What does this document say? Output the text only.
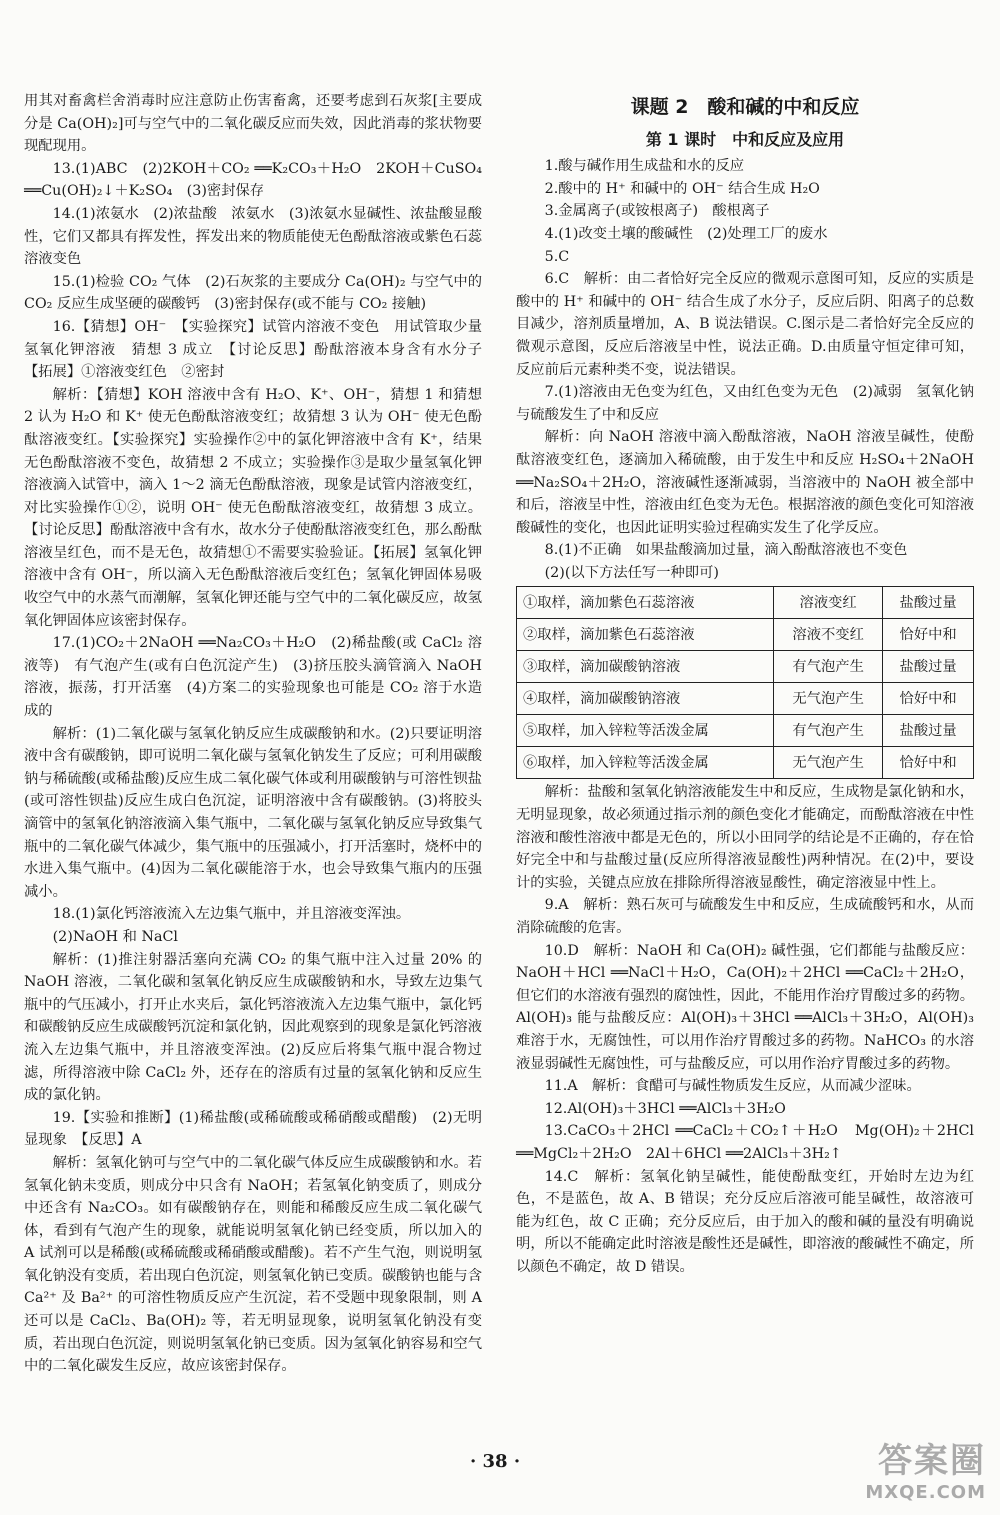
用其对畜禽栏舍消毒时应注意防止伤害畜禽，还要考虑到石灰浆[主要成分是 Ca(OH)₂]可与空气中的二氧化碳反应而失效，因此消毒的浆状物要现配现用。

13.(1)ABC　(2)2KOH＋CO₂ ══K₂CO₃＋H₂O　2KOH＋CuSO₄ ══Cu(OH)₂↓＋K₂SO₄　(3)密封保存

14.(1)浓氨水　(2)浓盐酸　浓氨水　(3)浓氨水显碱性、浓盐酸显酸性，它们又都具有挥发性，挥发出来的物质能使无色酚酞溶液或紫色石蕊溶液变色

15.(1)检验 CO₂ 气体　(2)石灰浆的主要成分 Ca(OH)₂ 与空气中的 CO₂ 反应生成坚硬的碳酸钙　(3)密封保存(或不能与 CO₂ 接触)

16.【猜想】OH⁻　【实验探究】试管内溶液不变色　用试管取少量氢氧化钾溶液　猜想 3 成立　【讨论反思】酚酞溶液本身含有水分子　【拓展】①溶液变红色　②密封

解析：【猜想】KOH 溶液中含有 H₂O、K⁺、OH⁻，猜想 1 和猜想 2 认为 H₂O 和 K⁺ 使无色酚酞溶液变红；故猜想 3 认为 OH⁻ 使无色酚酞溶液变红。【实验探究】实验操作②中的氯化钾溶液中含有 K⁺，结果无色酚酞溶液不变色，故猜想 2 不成立；实验操作③是取少量氢氧化钾溶液滴入试管中，滴入 1～2 滴无色酚酞溶液，现象是试管内溶液变红，对比实验操作①②，说明 OH⁻ 使无色酚酞溶液变红，故猜想 3 成立。【讨论反思】酚酞溶液中含有水，故水分子使酚酞溶液变红色，那么酚酞溶液呈红色，而不是无色，故猜想①不需要实验验证。【拓展】氢氧化钾溶液中含有 OH⁻，所以滴入无色酚酞溶液后变红色；氢氧化钾固体易吸收空气中的水蒸气而潮解，氢氧化钾还能与空气中的二氧化碳反应，故氢氧化钾固体应该密封保存。

17.(1)CO₂＋2NaOH ══Na₂CO₃＋H₂O　(2)稀盐酸(或 CaCl₂ 溶液等)　有气泡产生(或有白色沉淀产生)　(3)挤压胶头滴管滴入 NaOH 溶液，振荡，打开活塞　(4)方案二的实验现象也可能是 CO₂ 溶于水造成的

解析：(1)二氧化碳与氢氧化钠反应生成碳酸钠和水。(2)只要证明溶液中含有碳酸钠，即可说明二氧化碳与氢氧化钠发生了反应；可利用碳酸钠与稀硫酸(或稀盐酸)反应生成二氧化碳气体或利用碳酸钠与可溶性钡盐(或可溶性钡盐)反应生成白色沉淀，证明溶液中含有碳酸钠。(3)将胶头滴管中的氢氧化钠溶液滴入集气瓶中，二氧化碳与氢氧化钠反应导致集气瓶中的二氧化碳气体减少，集气瓶中的压强减小，打开活塞时，烧杯中的水进入集气瓶中。(4)因为二氧化碳能溶于水，也会导致集气瓶内的压强减小。

18.(1)氯化钙溶液流入左边集气瓶中，并且溶液变浑浊。

(2)NaOH 和 NaCl

解析：(1)推注射器活塞向充满 CO₂ 的集气瓶中注入过量 20% 的 NaOH 溶液，二氧化碳和氢氧化钠反应生成碳酸钠和水，导致左边集气瓶中的气压减小，打开止水夹后，氯化钙溶液流入左边集气瓶中，氯化钙和碳酸钠反应生成碳酸钙沉淀和氯化钠，因此观察到的现象是氯化钙溶液流入左边集气瓶中，并且溶液变浑浊。(2)反应后将集气瓶中混合物过滤，所得溶液中除 CaCl₂ 外，还存在的溶质有过量的氢氧化钠和反应生成的氯化钠。

19.【实验和推断】(1)稀盐酸(或稀硫酸或稀硝酸或醋酸)　(2)无明显现象　【反思】A

解析：氢氧化钠可与空气中的二氧化碳气体反应生成碳酸钠和水。若氢氧化钠未变质，则成分中只含有 NaOH；若氢氧化钠变质了，则成分中还含有 Na₂CO₃。如有碳酸钠存在，则能和稀酸反应生成二氧化碳气体，看到有气泡产生的现象，就能说明氢氧化钠已经变质，所以加入的 A 试剂可以是稀酸(或稀硫酸或稀硝酸或醋酸)。若不产生气泡，则说明氢氧化钠没有变质，若出现白色沉淀，则氢氧化钠已变质。碳酸钠也能与含 Ca²⁺ 及 Ba²⁺ 的可溶性物质反应产生沉淀，若不受题中现象限制，则 A 还可以是 CaCl₂、Ba(OH)₂ 等，若无明显现象，说明氢氧化钠没有变质，若出现白色沉淀，则说明氢氧化钠已变质。因为氢氧化钠容易和空气中的二氧化碳发生反应，故应该密封保存。

课题 2　酸和碱的中和反应
第 1 课时　中和反应及应用

1.酸与碱作用生成盐和水的反应

2.酸中的 H⁺ 和碱中的 OH⁻ 结合生成 H₂O

3.金属离子(或铵根离子)　酸根离子

4.(1)改变土壤的酸碱性　(2)处理工厂的废水

5.C

6.C　解析：由二者恰好完全反应的微观示意图可知，反应的实质是酸中的 H⁺ 和碱中的 OH⁻ 结合生成了水分子，反应后阴、阳离子的总数目减少，溶剂质量增加，A、B 说法错误。C.图示是二者恰好完全反应的微观示意图，反应后溶液呈中性，说法正确。D.由质量守恒定律可知，反应前后元素种类不变，说法错误。

7.(1)溶液由无色变为红色，又由红色变为无色　(2)减弱　氢氧化钠与硫酸发生了中和反应

解析：向 NaOH 溶液中滴入酚酞溶液，NaOH 溶液呈碱性，使酚酞溶液变红色，逐滴加入稀硫酸，由于发生中和反应 H₂SO₄＋2NaOH ══Na₂SO₄＋2H₂O，溶液碱性逐渐减弱，当溶液中的 NaOH 被全部中和后，溶液呈中性，溶液由红色变为无色。根据溶液的颜色变化可知溶液酸碱性的变化，也因此证明实验过程确实发生了化学反应。

8.(1)不正确　如果盐酸滴加过量，滴入酚酞溶液也不变色

(2)(以下方法任写一种即可)

①取样，滴加紫色石蕊溶液	溶液变红	盐酸过量
②取样，滴加紫色石蕊溶液	溶液不变红	恰好中和
③取样，滴加碳酸钠溶液	有气泡产生	盐酸过量
④取样，滴加碳酸钠溶液	无气泡产生	恰好中和
⑤取样，加入锌粒等活泼金属	有气泡产生	盐酸过量
⑥取样，加入锌粒等活泼金属	无气泡产生	恰好中和

解析：盐酸和氢氧化钠溶液能发生中和反应，生成物是氯化钠和水，无明显现象，故必须通过指示剂的颜色变化才能确定，而酚酞溶液在中性溶液和酸性溶液中都是无色的，所以小田同学的结论是不正确的，存在恰好完全中和与盐酸过量(反应所得溶液显酸性)两种情况。在(2)中，要设计的实验，关键点应放在排除所得溶液显酸性，确定溶液显中性上。

9.A　解析：熟石灰可与硫酸发生中和反应，生成硫酸钙和水，从而消除硫酸的危害。

10.D　解析：NaOH 和 Ca(OH)₂ 碱性强，它们都能与盐酸反应：NaOH＋HCl ══NaCl＋H₂O，Ca(OH)₂＋2HCl ══CaCl₂＋2H₂O，但它们的水溶液有强烈的腐蚀性，因此，不能用作治疗胃酸过多的药物。Al(OH)₃ 能与盐酸反应：Al(OH)₃＋3HCl ══AlCl₃＋3H₂O，Al(OH)₃ 难溶于水，无腐蚀性，可以用作治疗胃酸过多的药物。NaHCO₃ 的水溶液显弱碱性无腐蚀性，可与盐酸反应，可以用作治疗胃酸过多的药物。

11.A　解析：食醋可与碱性物质发生反应，从而减少涩味。

12.Al(OH)₃＋3HCl ══AlCl₃＋3H₂O

13.CaCO₃＋2HCl ══CaCl₂＋CO₂↑＋H₂O　Mg(OH)₂＋2HCl ══MgCl₂＋2H₂O　2Al＋6HCl ══2AlCl₃＋3H₂↑

14.C　解析：氢氧化钠呈碱性，能使酚酞变红，开始时左边为红色，不是蓝色，故 A、B 错误；充分反应后溶液可能呈碱性，故溶液可能为红色，故 C 正确；充分反应后，由于加入的酸和碱的量没有明确说明，所以不能确定此时溶液是酸性还是碱性，即溶液的酸碱性不确定，所以颜色不确定，故 D 错误。

· 38 ·	答案圈
MXQE.COM
